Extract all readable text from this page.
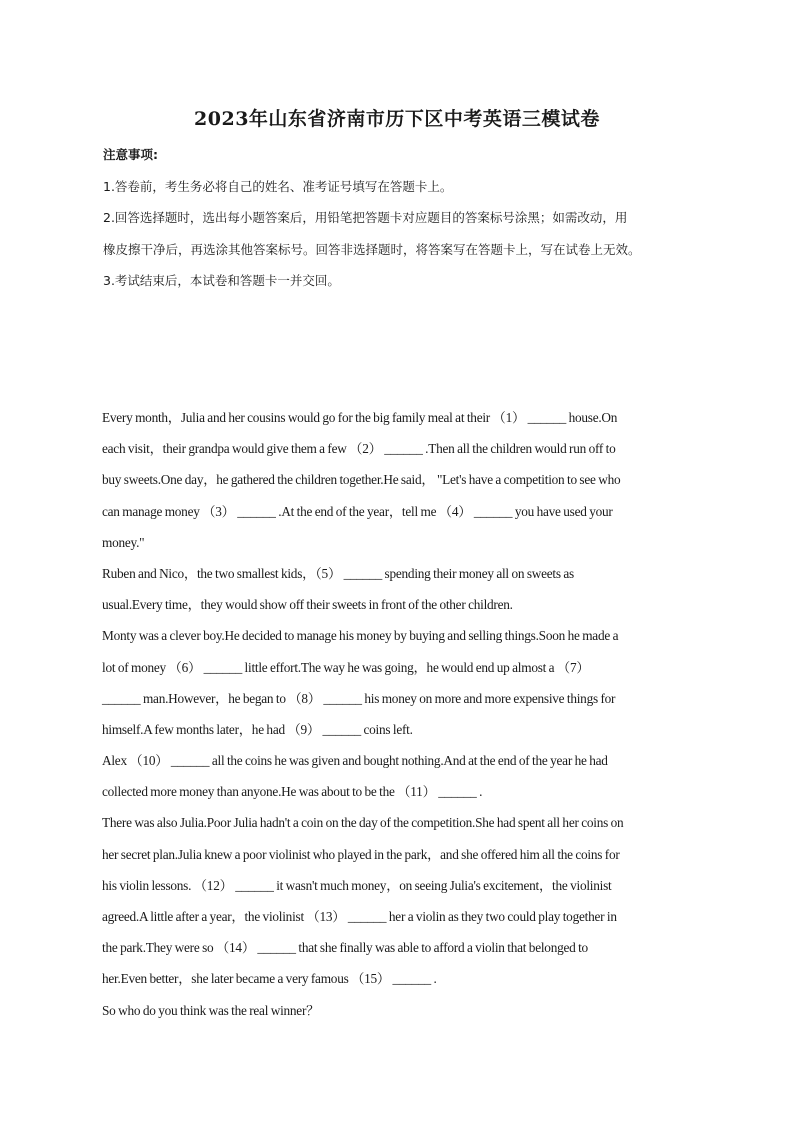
2023年山东省济南市历下区中考英语三模试卷
注意事项:
1.答卷前，考生务必将自己的姓名、准考证号填写在答题卡上。
2.回答选择题时，选出每小题答案后，用铅笔把答题卡对应题目的答案标号涂黑；如需改动，用
橡皮擦干净后，再选涂其他答案标号。回答非选择题时，将答案写在答题卡上，写在试卷上无效。
3.考试结束后，本试卷和答题卡一并交回。
Every month，Julia and her cousins would go for the big family meal at their （1） ______ house.On
each visit，their grandpa would give them a few （2） ______ .Then all the children would run off to
buy sweets.One day，he gathered the children together.He said， "Let's have a competition to see who
can manage money （3） ______ .At the end of the year，tell me （4） ______ you have used your
money."
Ruben and Nico，the two smallest kids，（5） ______ spending their money all on sweets as
usual.Every time，they would show off their sweets in front of the other children.
Monty was a clever boy.He decided to manage his money by buying and selling things.Soon he made a
lot of money （6） ______ little effort.The way he was going，he would end up almost a （7）
______ man.However，he began to （8） ______ his money on more and more expensive things for
himself.A few months later，he had （9） ______ coins left.
Alex （10） ______ all the coins he was given and bought nothing.And at the end of the year he had
collected more money than anyone.He was about to be the （11） ______ .
There was also Julia.Poor Julia hadn't a coin on the day of the competition.She had spent all her coins on
her secret plan.Julia knew a poor violinist who played in the park，and she offered him all the coins for
his violin lessons. （12） ______ it wasn't much money，on seeing Julia's excitement，the violinist
agreed.A little after a year，the violinist （13） ______ her a violin as they two could play together in
the park.They were so （14） ______ that she finally was able to afford a violin that belonged to
her.Even better，she later became a very famous （15） ______ .
So who do you think was the real winner？
